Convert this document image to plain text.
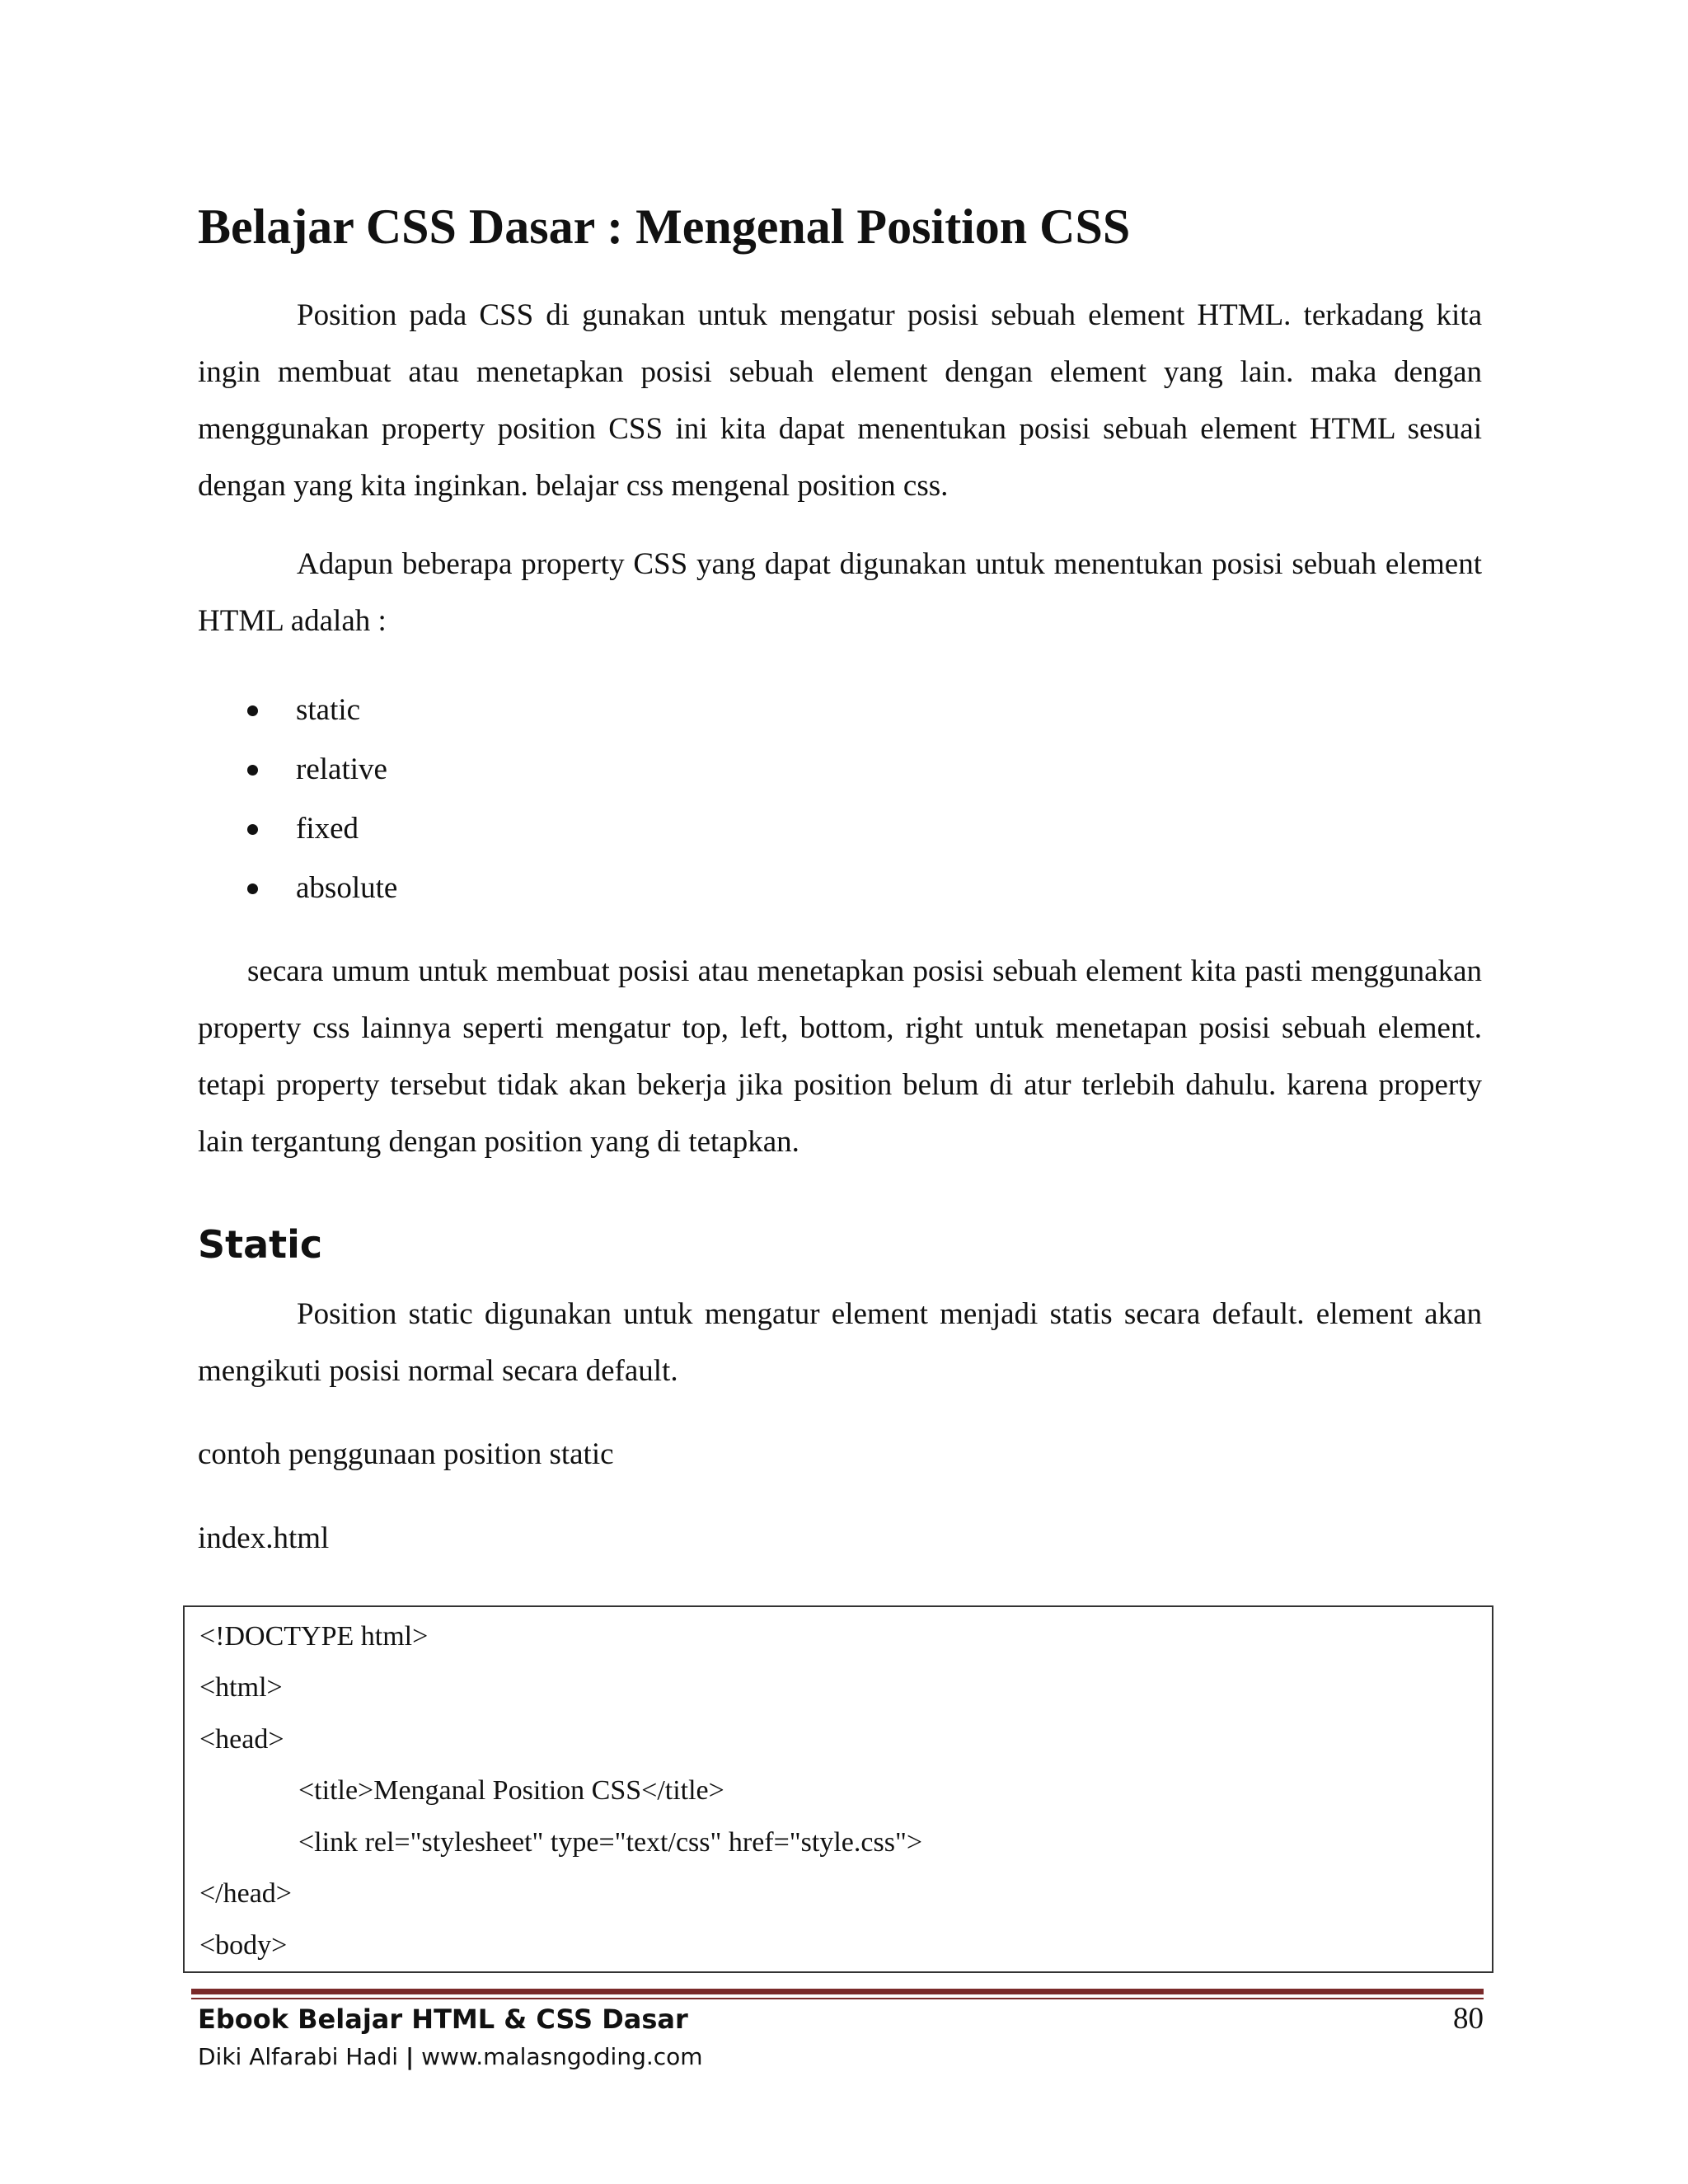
Belajar CSS Dasar : Mengenal Position CSS

Position pada CSS di gunakan untuk mengatur posisi sebuah element HTML. terkadang kita ingin membuat atau menetapkan posisi sebuah element dengan element yang lain. maka dengan menggunakan property position CSS ini kita dapat menentukan posisi sebuah element HTML sesuai dengan yang kita inginkan. belajar css mengenal position css.

Adapun beberapa property CSS yang dapat digunakan untuk menentukan posisi sebuah element HTML adalah :

static
relative
fixed
absolute

secara umum untuk membuat posisi atau menetapkan posisi sebuah element kita pasti menggunakan property css lainnya seperti mengatur top, left, bottom, right untuk menetapan posisi sebuah element. tetapi property tersebut tidak akan bekerja jika position belum di atur terlebih dahulu. karena property lain tergantung dengan position yang di tetapkan.

Static

Position static digunakan untuk mengatur element menjadi statis secara default. element akan mengikuti posisi normal secara default.

contoh penggunaan position static

index.html

<!DOCTYPE html>
<html>
<head>
<title>Menganal Position CSS</title>
<link rel="stylesheet" type="text/css" href="style.css">
</head>
<body>

Ebook Belajar HTML & CSS Dasar

Diki Alfarabi Hadi | www.malasngoding.com

80
